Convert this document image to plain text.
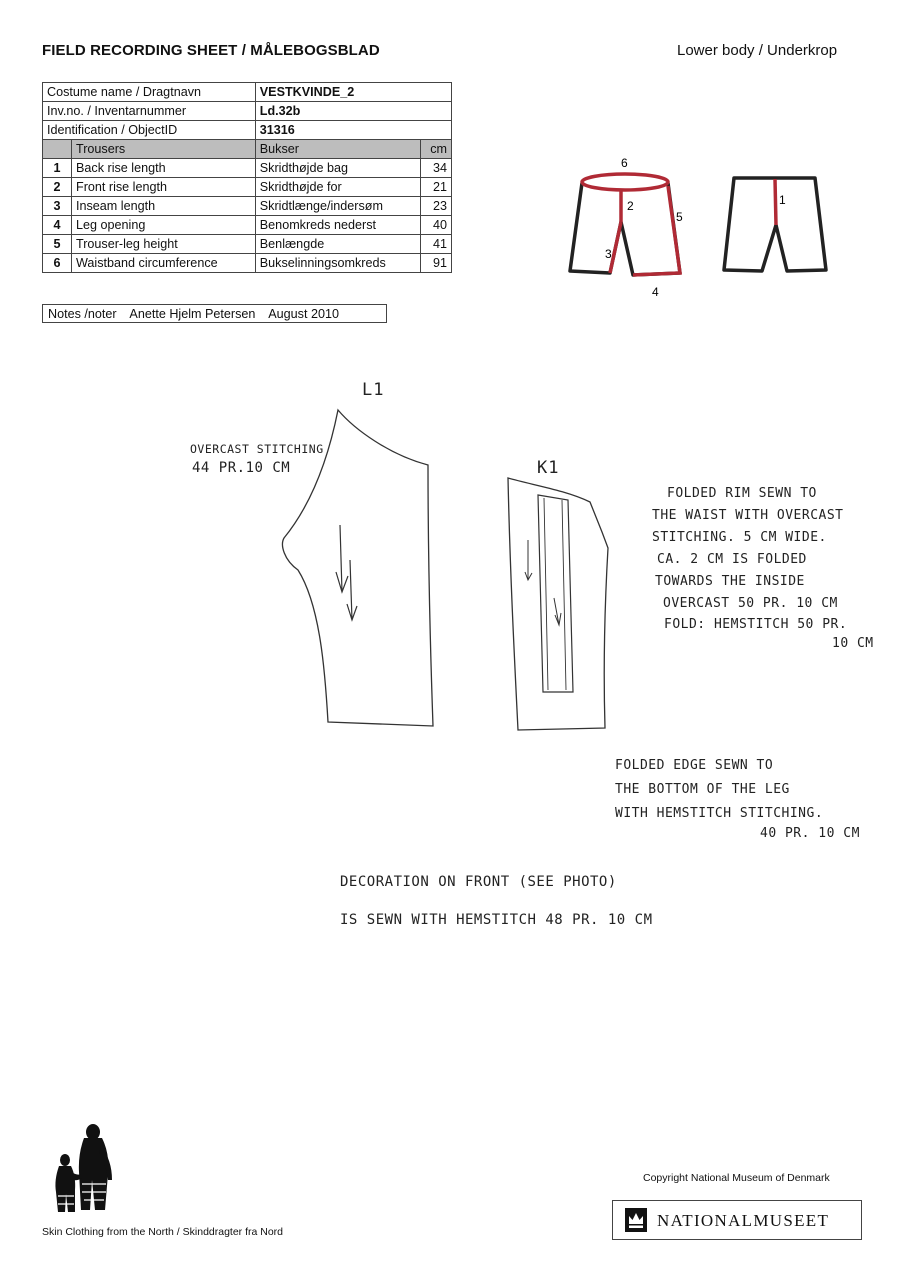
FIELD RECORDING SHEET / MÅLEBOGSBLAD	Lower body / Underkrop
Costume name / Dragtnavn		VESTKVINDE_2	
Inv.no. / Inventarnummer		Ld.32b	
Identification / ObjectID		31316	
	Trousers	Bukser	cm
1	Back rise length	Skridthøjde bag	34
2	Front rise length	Skridthøjde for	21
3	Inseam length	Skridtlænge/indersøm	23
4	Leg opening	Benomkreds nederst	40
5	Trouser-leg height	Benlængde	41
6	Waistband circumference	Bukselinningsomkreds	91
Notes /noter Anette Hjelm Petersen August 2010
6
2
5
3
4
1
L1
K1
OVERCAST STITCHING
44 PR.10 CM
FOLDED RIM SEWN TO
THE WAIST WITH OVERCAST
STITCHING. 5 CM WIDE.
CA. 2 CM IS FOLDED
TOWARDS THE INSIDE
OVERCAST 50 PR. 10 CM
FOLD: HEMSTITCH 50 PR.
10 CM
FOLDED EDGE SEWN TO
THE BOTTOM OF THE LEG
WITH HEMSTITCH STITCHING.
40 PR. 10 CM
DECORATION ON FRONT (SEE PHOTO)
IS SEWN WITH HEMSTITCH 48 PR. 10 CM
Skin Clothing from the North / Skinddragter fra Nord
Copyright National Museum of Denmark
NATIONALMUSEET
